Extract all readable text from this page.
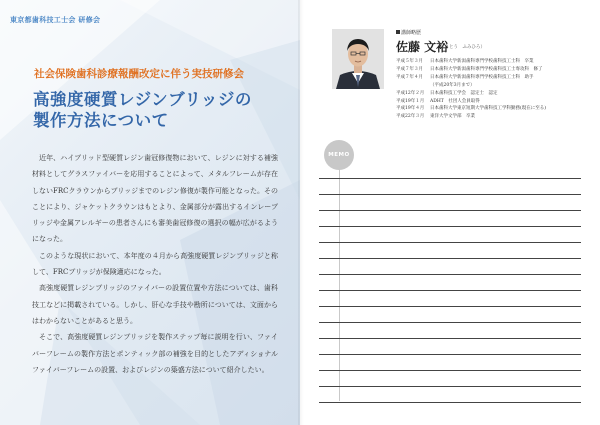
東京都歯科技工士会 研修会
社会保険歯科診療報酬改定に伴う実技研修会
高強度硬質レジンブリッジの
製作方法について

近年、ハイブリッド型硬質レジン歯冠修復物において、レジンに対する補強材料としてグラスファイバーを応用することによって、メタルフレームが存在しないFRCクラウンからブリッジまでのレジン修復が製作可能となった。そのことにより、ジャケットクラウンはもとより、金属部分が露出するインレーブリッジや金属アレルギーの患者さんにも審美歯冠修復の選択の幅が広がるようになった。

このような現状において、本年度の４月から高強度硬質レジンブリッジと称して、FRCブリッジが保険適応になった。

高強度硬質レジンブリッジのファイバーの設置位置や方法については、歯科技工などに掲載されている。しかし、肝心な手技や勘所については、文面からはわからないことがあると思う。

そこで、高強度硬質レジンブリッジを製作ステップ毎に説明を行い、ファイバーフレームの製作方法とポンティック部の補強を目的としたアディショナルファイバーフレームの設置、およびレジンの築盛方法について紹介したい。

講師略歴
佐藤 文裕
（さとう　ふみひろ）
平成５年３月 日本歯科大学新潟歯科専門学校歯科技工士科　卒業
平成７年３月 日本歯科大学新潟歯科専門学校歯科技工士専攻科　修了
平成７年４月 日本歯科大学新潟歯科専門学校歯科技工士科　助手
（平成20年3月まで）
平成12年２月 日本歯科技工学会　認定士　認定
平成19年１月 ADHT　社団人会員取得
平成19年４月 日本歯科大学東京短期大学歯科技工学科勤務(現在に至る)
平成22年３月 東洋大学文学部　卒業
MEMO
